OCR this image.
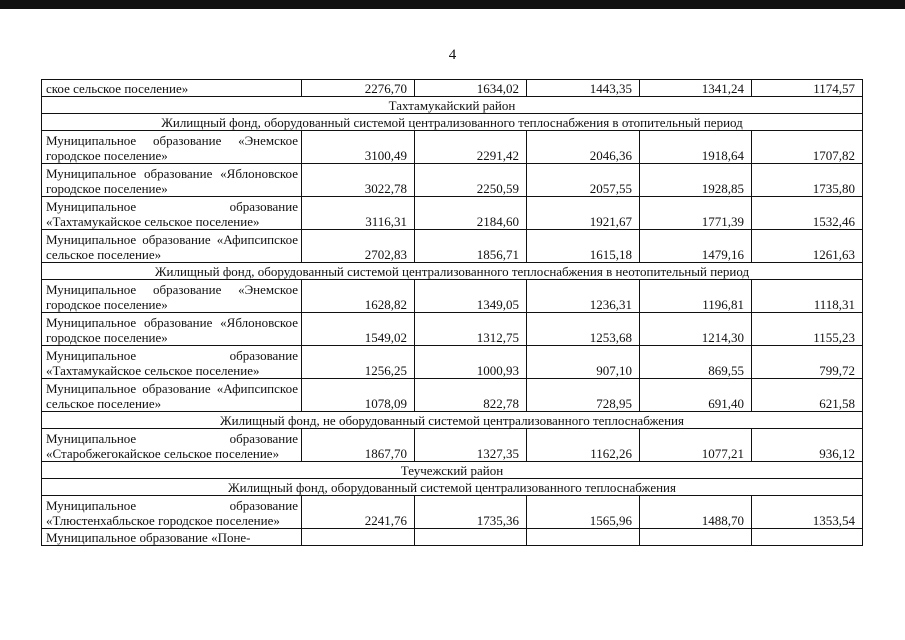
4
ское сельское поселение»	2276,70	1634,02	1443,35	1341,24	1174,57
Тахтамукайский район					
Жилищный фонд, оборудованный системой централизованного теплоснабжения в отопительный период					
Муниципальное образование «Энемское городское поселение»	3100,49	2291,42	2046,36	1918,64	1707,82
Муниципальное образование «Яблоновское городское поселение»	3022,78	2250,59	2057,55	1928,85	1735,80
Муниципальное образование «Тахтамукайское сельское поселение»	3116,31	2184,60	1921,67	1771,39	1532,46
Муниципальное образование «Афипсипское сельское поселение»	2702,83	1856,71	1615,18	1479,16	1261,63
Жилищный фонд, оборудованный системой централизованного теплоснабжения в неотопительный период					
Муниципальное образование «Энемское городское поселение»	1628,82	1349,05	1236,31	1196,81	1118,31
Муниципальное образование «Яблоновское городское поселение»	1549,02	1312,75	1253,68	1214,30	1155,23
Муниципальное образование «Тахтамукайское сельское поселение»	1256,25	1000,93	907,10	869,55	799,72
Муниципальное образование «Афипсипское сельское поселение»	1078,09	822,78	728,95	691,40	621,58
Жилищный фонд, не оборудованный системой централизованного теплоснабжения					
Муниципальное образование «Старобжегокайское сельское поселение»	1867,70	1327,35	1162,26	1077,21	936,12
Теучежский район					
Жилищный фонд, оборудованный системой централизованного теплоснабжения					
Муниципальное образование «Тлюстенхабльское городское поселение»	2241,76	1735,36	1565,96	1488,70	1353,54
Муниципальное образование «Поне-					
